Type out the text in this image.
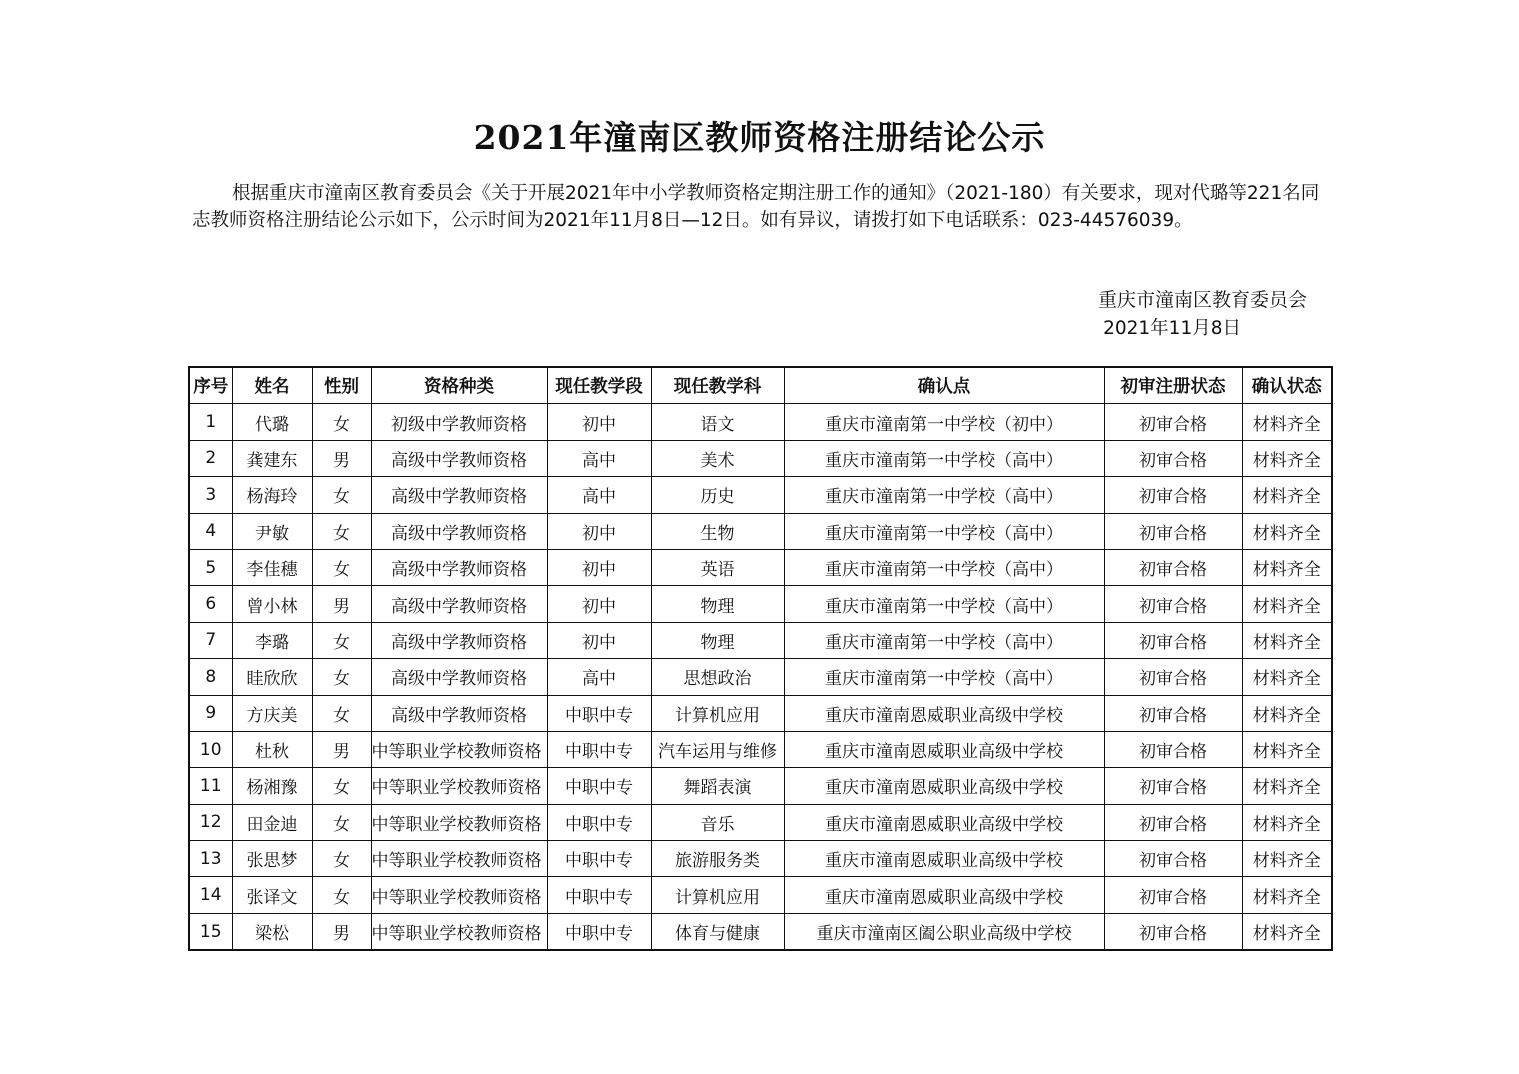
2021年潼南区教师资格注册结论公示
根据重庆市潼南区教育委员会《关于开展2021年中小学教师资格定期注册工作的通知》（2021-180）有关要求，现对代璐等221名同志教师资格注册结论公示如下，公示时间为2021年11月8日—12日。如有异议，请拨打如下电话联系：023-44576039。
重庆市潼南区教育委员会
2021年11月8日
序号	姓名	性别	资格种类	现任教学段	现任教学科	确认点	初审注册状态	确认状态
1	代璐	女	初级中学教师资格	初中	语文	重庆市潼南第一中学校（初中）	初审合格	材料齐全
2	龚建东	男	高级中学教师资格	高中	美术	重庆市潼南第一中学校（高中）	初审合格	材料齐全
3	杨海玲	女	高级中学教师资格	高中	历史	重庆市潼南第一中学校（高中）	初审合格	材料齐全
4	尹敏	女	高级中学教师资格	初中	生物	重庆市潼南第一中学校（高中）	初审合格	材料齐全
5	李佳穗	女	高级中学教师资格	初中	英语	重庆市潼南第一中学校（高中）	初审合格	材料齐全
6	曾小林	男	高级中学教师资格	初中	物理	重庆市潼南第一中学校（高中）	初审合格	材料齐全
7	李璐	女	高级中学教师资格	初中	物理	重庆市潼南第一中学校（高中）	初审合格	材料齐全
8	眭欣欣	女	高级中学教师资格	高中	思想政治	重庆市潼南第一中学校（高中）	初审合格	材料齐全
9	方庆美	女	高级中学教师资格	中职中专	计算机应用	重庆市潼南恩威职业高级中学校	初审合格	材料齐全
10	杜秋	男	中等职业学校教师资格	中职中专	汽车运用与维修	重庆市潼南恩威职业高级中学校	初审合格	材料齐全
11	杨湘豫	女	中等职业学校教师资格	中职中专	舞蹈表演	重庆市潼南恩威职业高级中学校	初审合格	材料齐全
12	田金迪	女	中等职业学校教师资格	中职中专	音乐	重庆市潼南恩威职业高级中学校	初审合格	材料齐全
13	张思梦	女	中等职业学校教师资格	中职中专	旅游服务类	重庆市潼南恩威职业高级中学校	初审合格	材料齐全
14	张译文	女	中等职业学校教师资格	中职中专	计算机应用	重庆市潼南恩威职业高级中学校	初审合格	材料齐全
15	梁松	男	中等职业学校教师资格	中职中专	体育与健康	重庆市潼南区阖公职业高级中学校	初审合格	材料齐全
